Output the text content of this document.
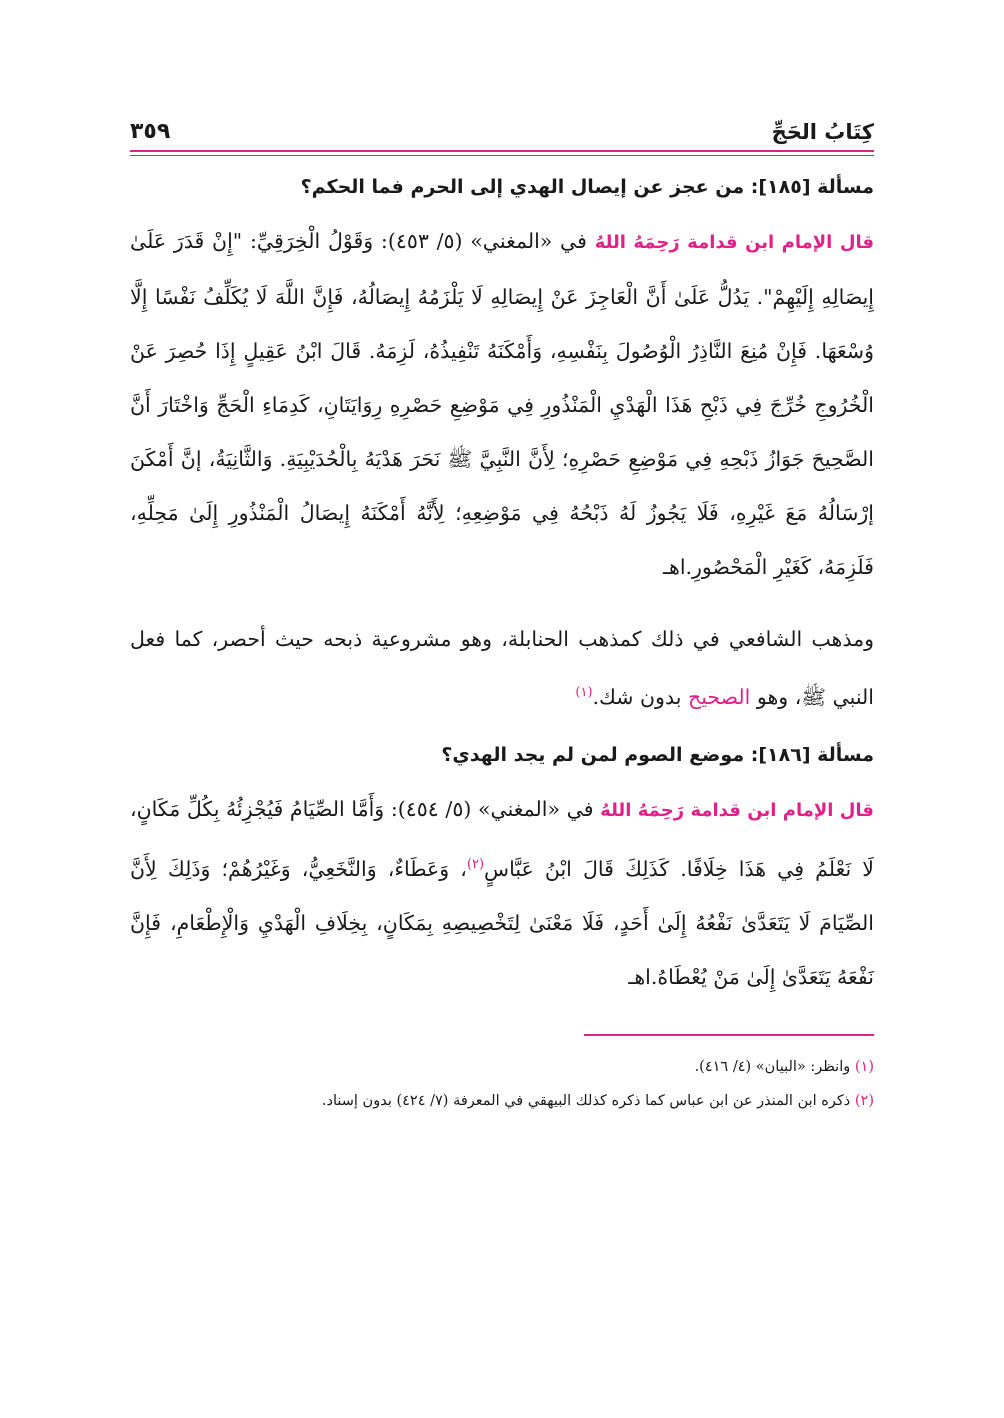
كِتَابُ الحَجِّ
٣٥٩

مسألة [١٨٥]: من عجز عن إيصال الهدي إلى الحرم فما الحكم؟

قال الإمام ابن قدامة رَحِمَهُ اللهُ في «المغني» (٥/ ٤٥٣): وَقَوْلُ الْخِرَقِيِّ: "إِنْ قَدَرَ عَلَىٰ إِيصَالِهِ إِلَيْهِمْ". يَدُلُّ عَلَىٰ أَنَّ الْعَاجِزَ عَنْ إِيصَالِهِ لَا يَلْزَمُهُ إِيصَالُهُ، فَإِنَّ اللَّهَ لَا يُكَلِّفُ نَفْسًا إِلَّا وُسْعَهَا. فَإِنْ مُنِعَ النَّاذِرُ الْوُصُولَ بِنَفْسِهِ، وَأَمْكَنَهُ تَنْفِيذُهُ، لَزِمَهُ. قَالَ ابْنُ عَقِيلٍ إِذَا حُصِرَ عَنْ الْخُرُوجِ خُرِّجَ فِي ذَبْحِ هَذَا الْهَدْيِ الْمَنْذُورِ فِي مَوْضِعِ حَصْرِهِ رِوَايَتَانِ، كَدِمَاءِ الْحَجِّ وَاخْتَارَ أَنَّ الصَّحِيحَ جَوَازُ ذَبْحِهِ فِي مَوْضِعِ حَصْرِهِ؛ لِأَنَّ النَّبِيَّ ﷺ نَحَرَ هَدْيَهُ بِالْحُدَيْبِيَةِ. وَالثَّانِيَةُ، إنَّ أَمْكَنَ إرْسَالُهُ مَعَ غَيْرِهِ، فَلَا يَجُوزُ لَهُ ذَبْحُهُ فِي مَوْضِعِهِ؛ لِأَنَّهُ أَمْكَنَهُ إِيصَالُ الْمَنْذُورِ إِلَىٰ مَحِلِّهِ، فَلَزِمَهُ، كَغَيْرِ الْمَحْصُورِ.اهـ

ومذهب الشافعي في ذلك كمذهب الحنابلة، وهو مشروعية ذبحه حيث أحصر، كما فعل النبي ﷺ، وهو الصحيح بدون شك.$^{(١)}$

مسألة [١٨٦]: موضع الصوم لمن لم يجد الهدي؟

قال الإمام ابن قدامة رَحِمَهُ اللهُ في «المغني» (٥/ ٤٥٤): وَأَمَّا الصِّيَامُ فَيُجْزِئُهُ بِكُلِّ مَكَانٍ، لَا نَعْلَمُ فِي هَذَا خِلَافًا. كَذَلِكَ قَالَ ابْنُ عَبَّاسٍ$^{(٢)}$، وَعَطَاءٌ، وَالنَّخَعِيُّ، وَغَيْرُهُمْ؛ وَذَلِكَ لِأَنَّ الصِّيَامَ لَا يَتَعَدَّىٰ نَفْعُهُ إِلَىٰ أَحَدٍ، فَلَا مَعْنَىٰ لِتَخْصِيصِهِ بِمَكَانٍ، بِخِلَافِ الْهَدْيِ وَالْإِطْعَامِ، فَإِنَّ نَفْعَهُ يَتَعَدَّىٰ إِلَىٰ مَنْ يُعْطَاهُ.اهـ

(١) وانظر: «البيان» (٤/ ٤١٦).
(٢) ذكره ابن المنذر عن ابن عباس كما ذكره كذلك البيهقي في المعرفة (٧/ ٤٢٤) بدون إسناد.
